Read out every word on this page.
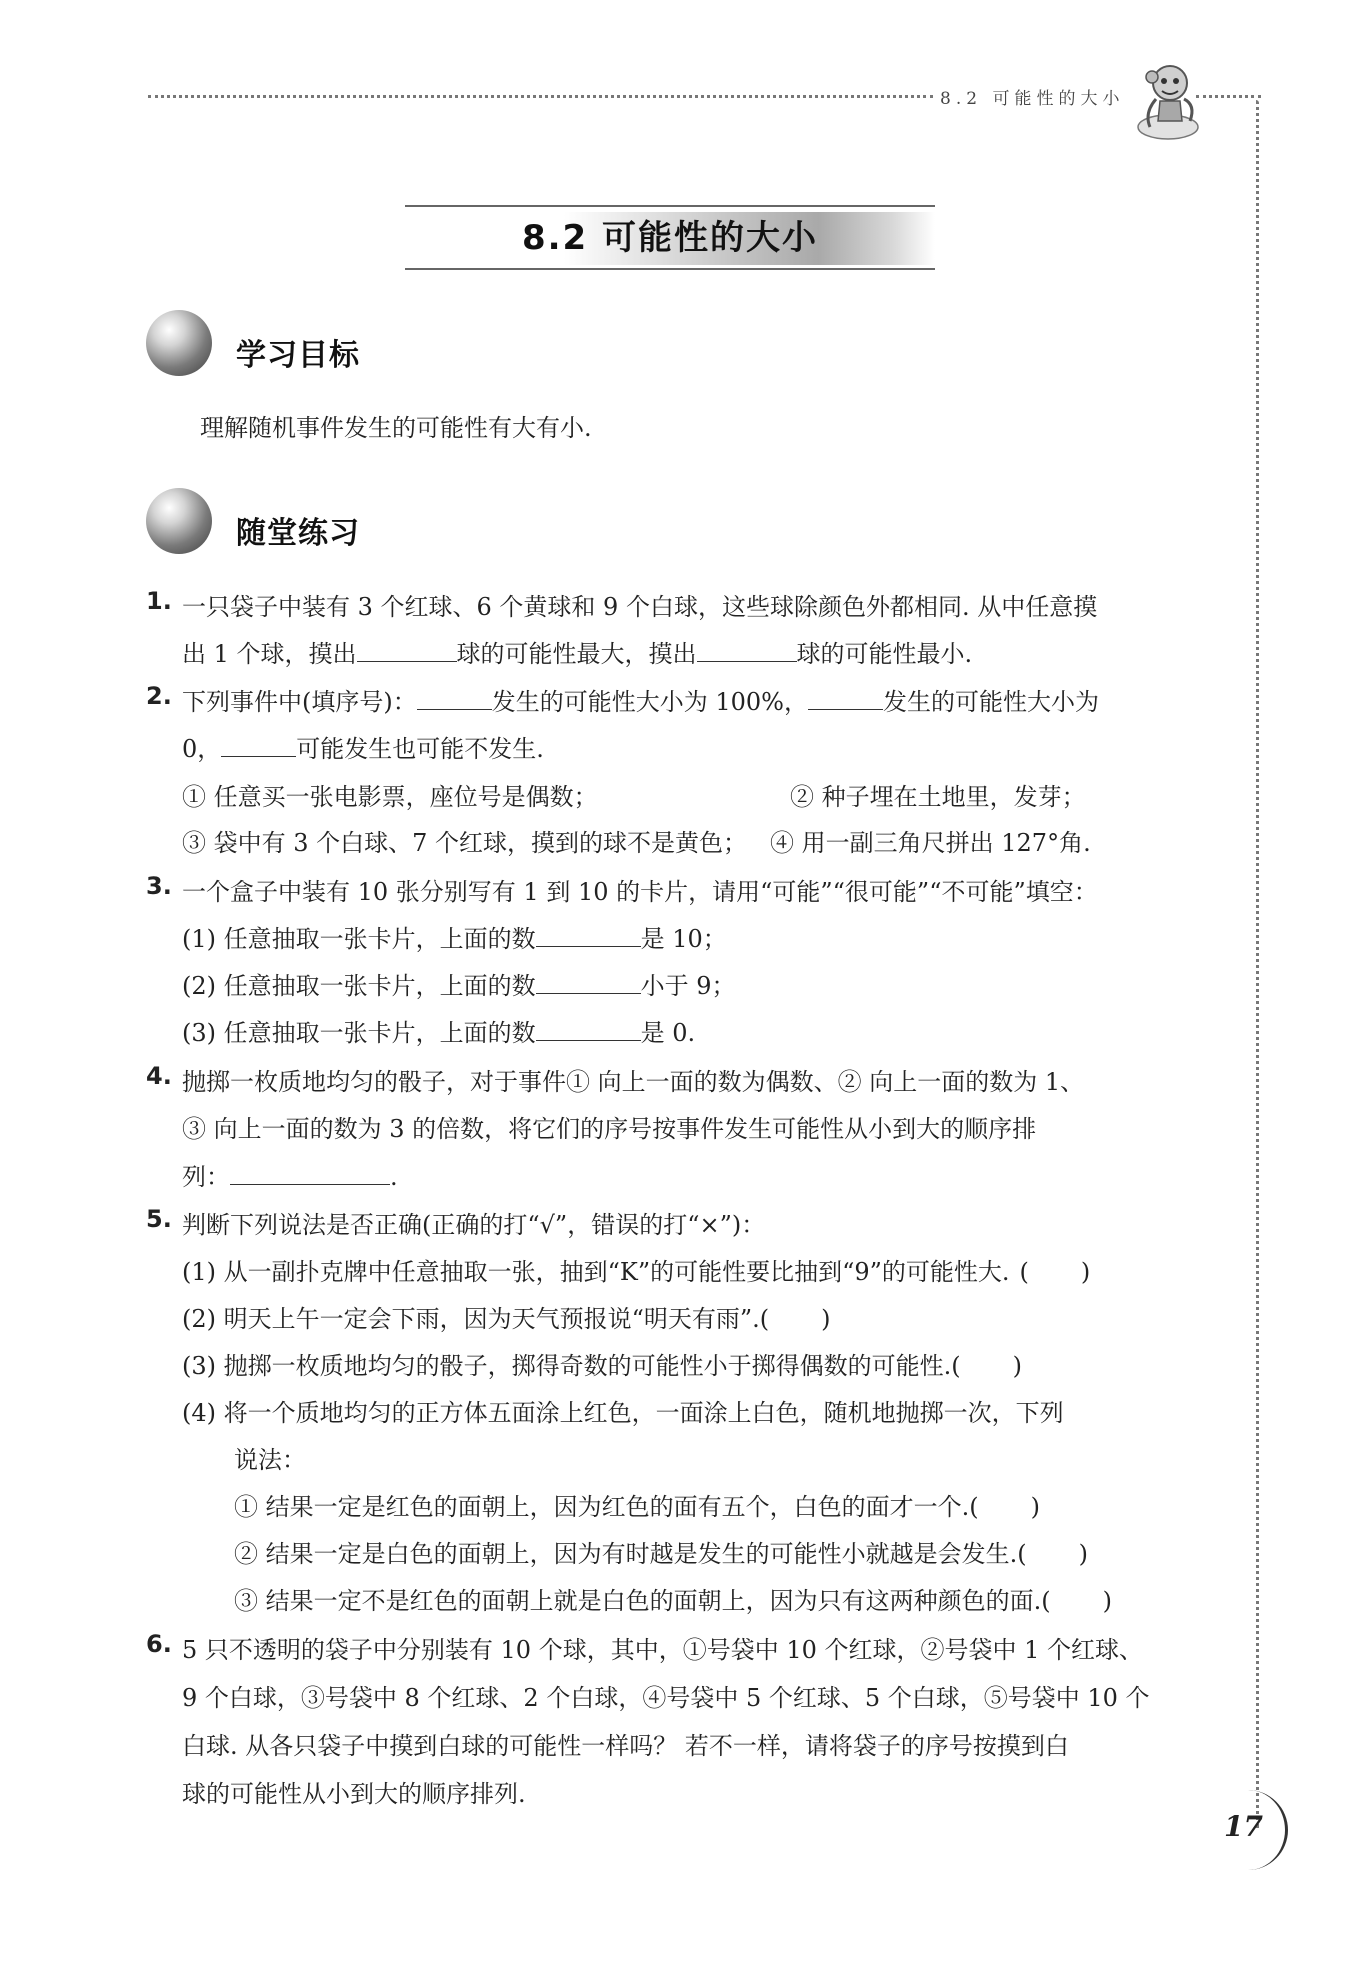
8.2 可能性的大小
8.2 可能性的大小
学习目标
理解随机事件发生的可能性有大有小.
随堂练习
1. 一只袋子中装有 3 个红球、6 个黄球和 9 个白球，这些球除颜色外都相同. 从中任意摸
出 1 个球，摸出	球的可能性最大，摸出	球的可能性最小.
2. 下列事件中(填序号)：	发生的可能性大小为 100%，	发生的可能性大小为
0，	可能发生也可能不发生.
① 任意买一张电影票，座位号是偶数；	② 种子埋在土地里，发芽；
③ 袋中有 3 个白球、7 个红球，摸到的球不是黄色； ④ 用一副三角尺拼出 127°角.
3. 一个盒子中装有 10 张分别写有 1 到 10 的卡片，请用“可能”“很可能”“不可能”填空：
(1) 任意抽取一张卡片，上面的数	是 10；
(2) 任意抽取一张卡片，上面的数	小于 9；
(3) 任意抽取一张卡片，上面的数	是 0.
4. 抛掷一枚质地均匀的骰子，对于事件① 向上一面的数为偶数、② 向上一面的数为 1、
③ 向上一面的数为 3 的倍数，将它们的序号按事件发生可能性从小到大的顺序排
列：	.
5. 判断下列说法是否正确(正确的打“√”，错误的打“×”)：
(1) 从一副扑克牌中任意抽取一张，抽到“K”的可能性要比抽到“9”的可能性大. ( )
(2) 明天上午一定会下雨，因为天气预报说“明天有雨”.( )
(3) 抛掷一枚质地均匀的骰子，掷得奇数的可能性小于掷得偶数的可能性.( )
(4) 将一个质地均匀的正方体五面涂上红色，一面涂上白色，随机地抛掷一次，下列
说法：
① 结果一定是红色的面朝上，因为红色的面有五个，白色的面才一个.( )
② 结果一定是白色的面朝上，因为有时越是发生的可能性小就越是会发生.( )
③ 结果一定不是红色的面朝上就是白色的面朝上，因为只有这两种颜色的面.( )
6. 5 只不透明的袋子中分别装有 10 个球，其中，①号袋中 10 个红球，②号袋中 1 个红球、
9 个白球，③号袋中 8 个红球、2 个白球，④号袋中 5 个红球、5 个白球，⑤号袋中 10 个
白球. 从各只袋子中摸到白球的可能性一样吗？ 若不一样，请将袋子的序号按摸到白
球的可能性从小到大的顺序排列.
17
